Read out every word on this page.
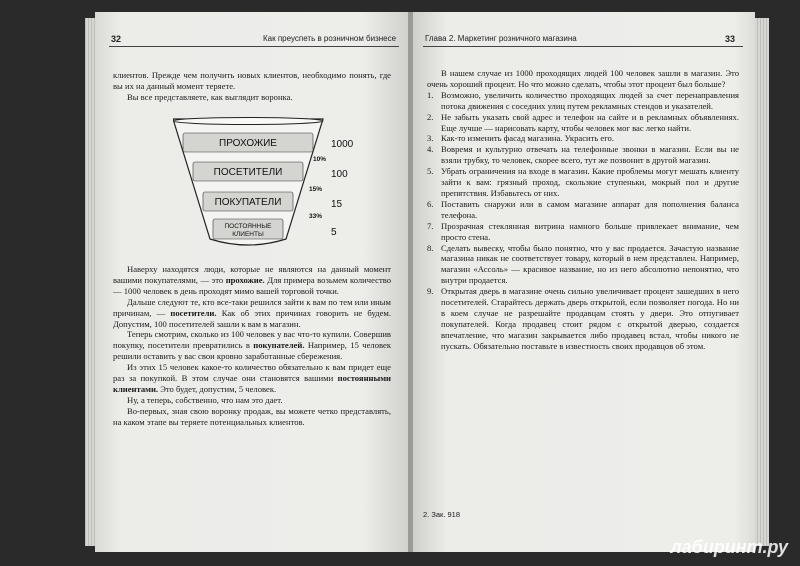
32	Как преуспеть в розничном бизнесе

клиентов. Прежде чем получить новых клиентов, необходимо понять, где вы их на данный момент теряете.

Вы все представляете, как выглядит воронка.

ПРОХОЖИЕ
ПОСЕТИТЕЛИ
ПОКУПАТЕЛИ
ПОСТОЯННЫЕ
КЛИЕНТЫ
1000
100
15
5
10%
15%
33%

Наверху находятся люди, которые не являются на данный момент вашими покупателями, — это прохожие. Для примера возьмем количество — 1000 человек в день проходят мимо вашей торговой точки.

Дальше следуют те, кто все-таки решился зайти к вам по тем или иным причинам, — посетители. Как об этих причинах говорить не будем. Допустим, 100 посетителей зашли к вам в магазин.

Теперь смотрим, сколько из 100 человек у вас что-то купили. Совершив покупку, посетители превратились в покупателей. Например, 15 человек решили оставить у вас свои кровно заработанные сбережения.

Из этих 15 человек какое-то количество обязательно к вам придет еще раз за покупкой. В этом случае они становятся вашими постоянными клиентами. Это будет, допустим, 5 человек.

Ну, а теперь, собственно, что нам это дает.

Во-первых, зная свою воронку продаж, вы можете четко представлять, на каком этапе вы теряете потенциальных клиентов.

Глава 2. Маркетинг розничного магазина	33

В нашем случае из 1000 проходящих людей 100 человек зашли в магазин. Это очень хороший процент. Но что можно сделать, чтобы этот процент был больше?

1. Возможно, увеличить количество проходящих людей за счет перенаправления потока движения с соседних улиц путем рекламных стендов и указателей.
2. Не забыть указать свой адрес и телефон на сайте и в рекламных объявлениях. Еще лучше — нарисовать карту, чтобы человек мог вас легко найти.
3. Как-то изменить фасад магазина. Украсить его.
4. Вовремя и культурно отвечать на телефонные звонки в магазин. Если вы не взяли трубку, то человек, скорее всего, тут же позвонит в другой магазин.
5. Убрать ограничения на входе в магазин. Какие проблемы могут мешать клиенту зайти к вам: грязный проход, скользкие ступеньки, мокрый пол и другие препятствия. Избавьтесь от них.
6. Поставить снаружи или в самом магазине аппарат для пополнения баланса телефона.
7. Прозрачная стеклянная витрина намного больше привлекает внимание, чем просто стена.
8. Сделать вывеску, чтобы было понятно, что у вас продается. Зачастую название магазина никак не соответствует товару, который в нем представлен. Например, магазин «Ассоль» — красивое название, но из него абсолютно непонятно, что внутри продается.
9. Открытая дверь в магазине очень сильно увеличивает процент зашедших в него посетителей. Старайтесь держать дверь открытой, если позволяет погода. Но ни в коем случае не разрешайте продавцам стоять у двери. Это отпугивает покупателей. Когда продавец стоит рядом с открытой дверью, создается впечатление, что магазин закрывается либо продавец встал, чтобы никого не пускать. Обязательно поставьте в известность своих продавцов об этом.
2. Зак. 918
лабиринт.ру
